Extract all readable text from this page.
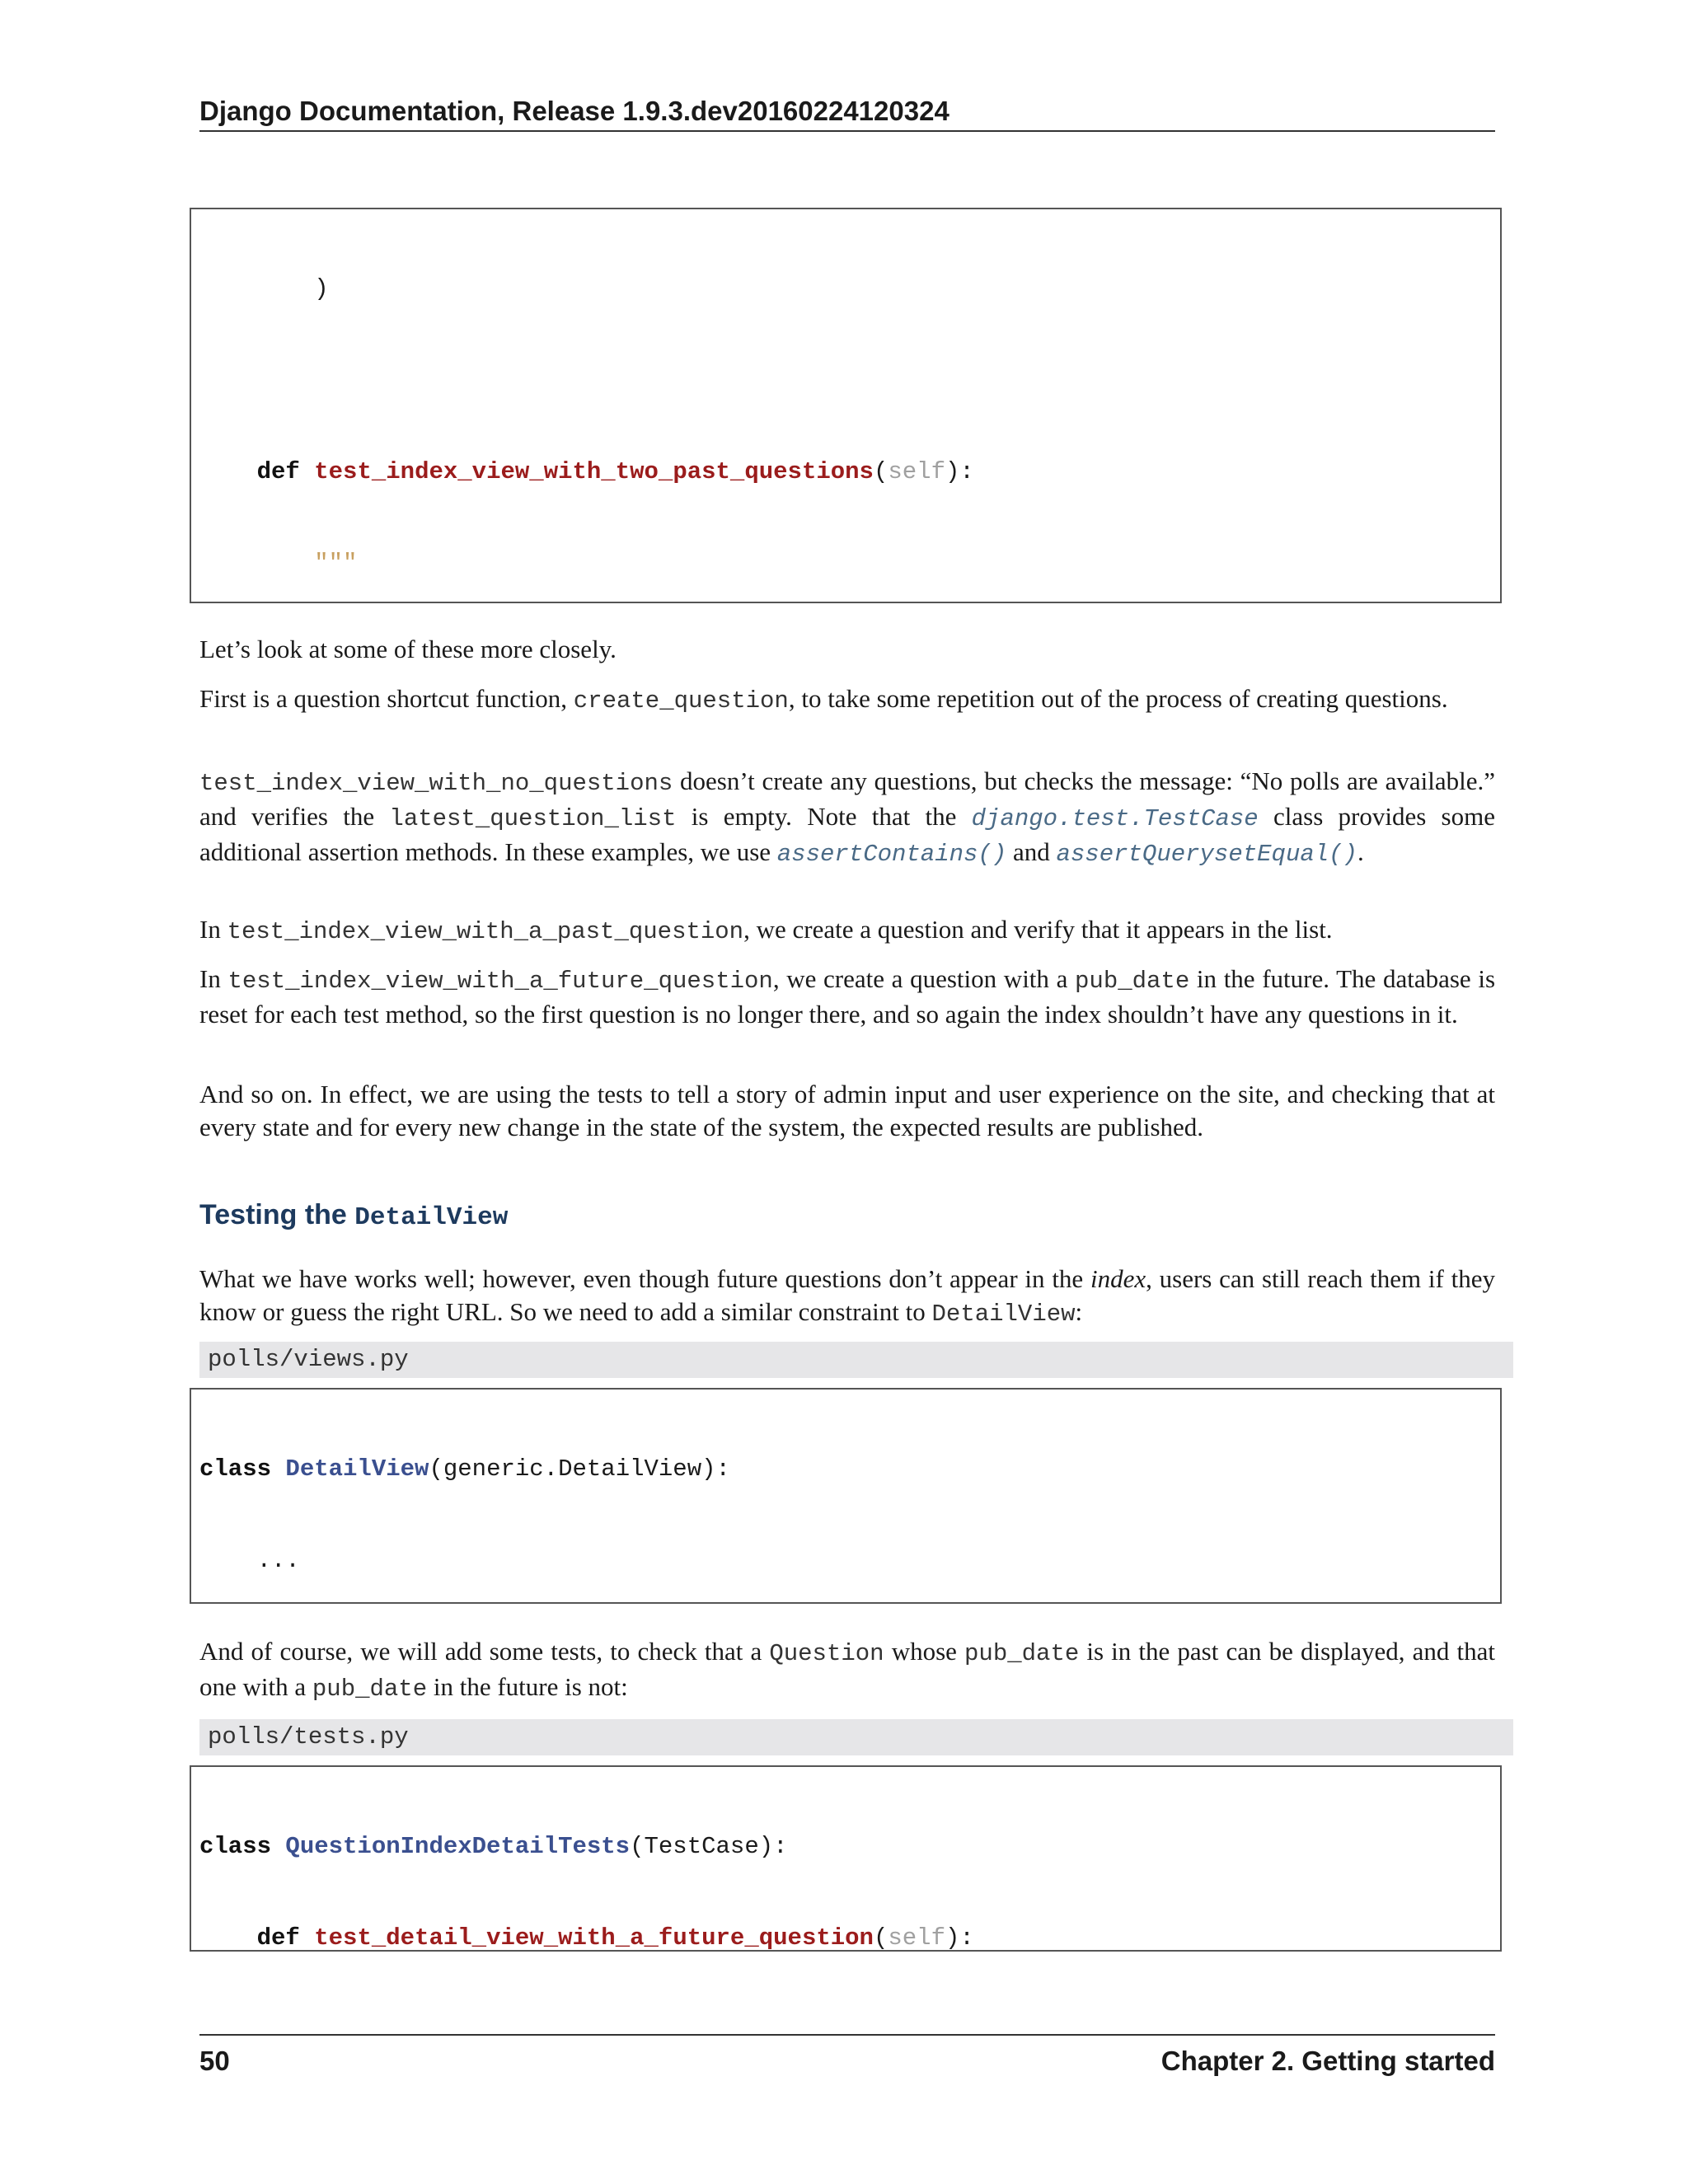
Django Documentation, Release 1.9.3.dev20160224120324

)

def test_index_view_with_two_past_questions(self):

"""

Let’s look at some of these more closely.

First is a question shortcut function, create_question, to take some repetition out of the process of creating questions.

test_index_view_with_no_questions doesn’t create any questions, but checks the message: “No polls are available.” and verifies the latest_question_list is empty. Note that the django.test.TestCase class provides some additional assertion methods. In these examples, we use assertContains() and assertQuerysetEqual().

In test_index_view_with_a_past_question, we create a question and verify that it appears in the list.

In test_index_view_with_a_future_question, we create a question with a pub_date in the future. The database is reset for each test method, so the first question is no longer there, and so again the index shouldn’t have any questions in it.

And so on. In effect, we are using the tests to tell a story of admin input and user experience on the site, and checking that at every state and for every new change in the state of the system, the expected results are published.

Testing the DetailView

What we have works well; however, even though future questions don’t appear in the index, users can still reach them if they know or guess the right URL. So we need to add a similar constraint to DetailView:

polls/views.py

class DetailView(generic.DetailView):

...

And of course, we will add some tests, to check that a Question whose pub_date is in the past can be displayed, and that one with a pub_date in the future is not:

polls/tests.py

class QuestionIndexDetailTests(TestCase):

def test_detail_view_with_a_future_question(self):

50	Chapter 2. Getting started
